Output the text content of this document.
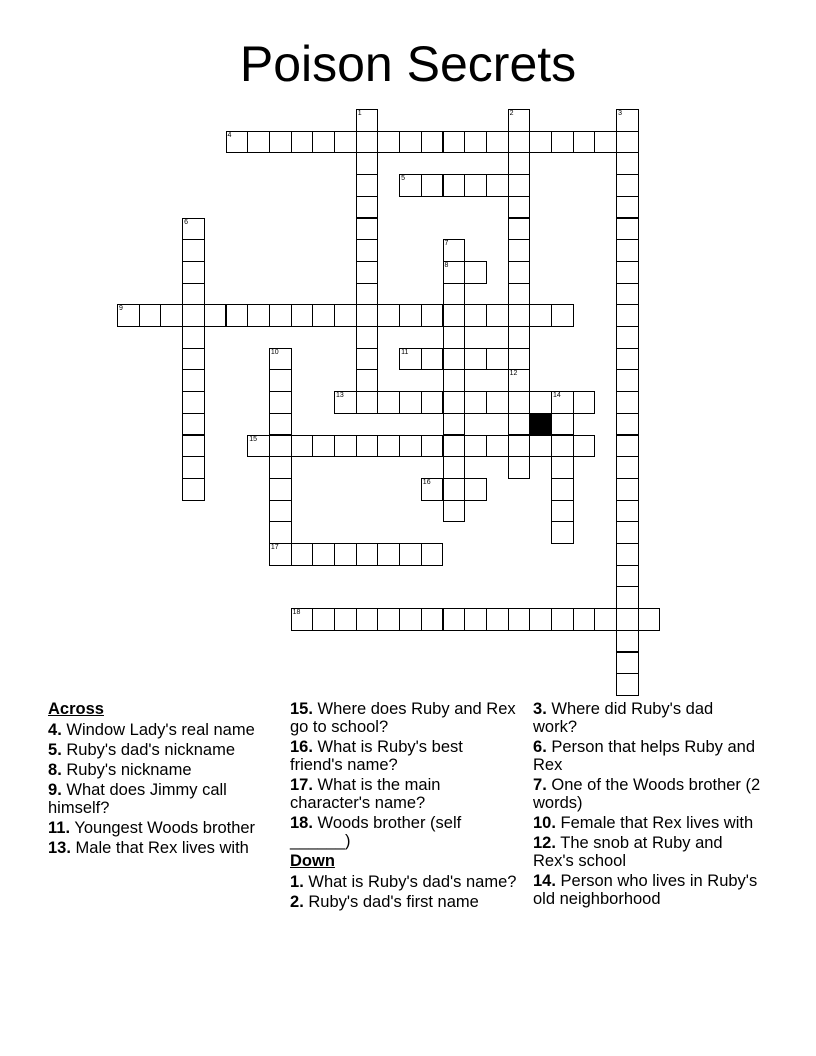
Poison Secrets
4
5
8
9
11
13	14
15
16
17
18
1	2
12
3
6
7
10
Across
4. Window Lady's real name
5. Ruby's dad's nickname
8. Ruby's nickname
9. What does Jimmy call himself?
11. Youngest Woods brother
13. Male that Rex lives with
15. Where does Ruby and Rex go to school?
16. What is Ruby's best friend's name?
17. What is the main character's name?
18. Woods brother (self ______)
Down
1. What is Ruby's dad's name?
2. Ruby's dad's first name
3. Where did Ruby's dad work?
6. Person that helps Ruby and Rex
7. One of the Woods brother (2 words)
10. Female that Rex lives with
12. The snob at Ruby and Rex's school
14. Person who lives in Ruby's old neighborhood
